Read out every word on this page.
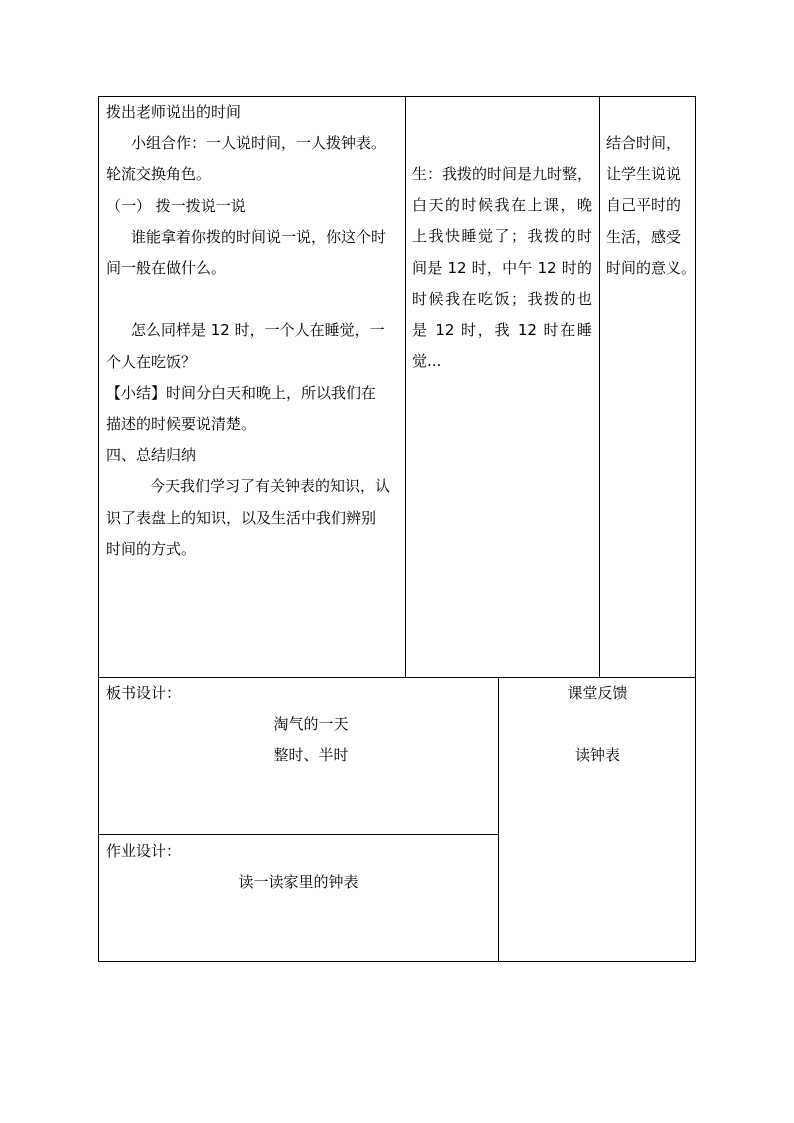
拨出老师说出的时间

小组合作：一人说时间，一人拨钟表。

轮流交换角色。

（一） 拨一拨说一说

谁能拿着你拨的时间说一说，你这个时

间一般在做什么。

怎么同样是 12 时，一个人在睡觉，一

个人在吃饭？

【小结】时间分白天和晚上，所以我们在

描述的时候要说清楚。

四、总结归纳

今天我们学习了有关钟表的知识，认

识了表盘上的知识，以及生活中我们辨别

时间的方式。

生：我拨的时间是九时整，

白天的时候我在上课，晚

上我快睡觉了；我拨的时

间是 12 时，中午 12 时的

时候我在吃饭；我拨的也

是 12 时，我 12 时在睡

觉...

结合时间，

让学生说说

自己平时的

生活，感受

时间的意义。

板书设计：

淘气的一天

整时、半时

作业设计：

读一读家里的钟表

课堂反馈

读钟表
